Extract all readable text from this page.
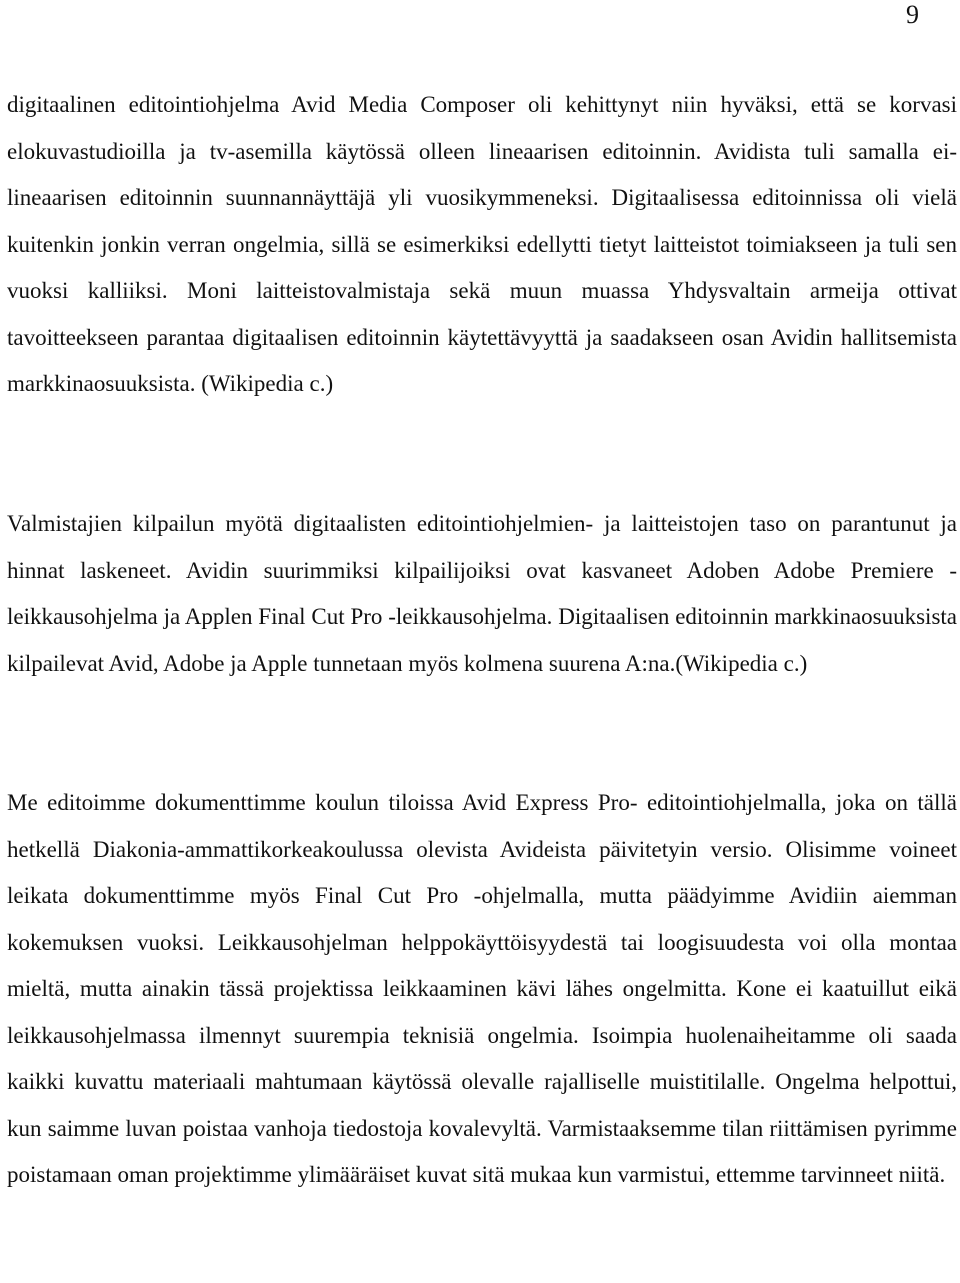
9

digitaalinen editointiohjelma Avid Media Composer oli kehittynyt niin hyväksi, että se korvasi elokuvastudioilla ja tv-asemilla käytössä olleen lineaarisen editoinnin. Avidista tuli samalla ei-lineaarisen editoinnin suunnannäyttäjä yli vuosikymmeneksi. Digitaalisessa editoinnissa oli vielä kuitenkin jonkin verran ongelmia, sillä se esimerkiksi edellytti tietyt laitteistot toimiakseen ja tuli sen vuoksi kalliiksi. Moni laitteistovalmistaja sekä muun muassa Yhdysvaltain armeija ottivat tavoitteekseen parantaa digitaalisen editoinnin käytettävyyttä ja saadakseen osan Avidin hallitsemista markkinaosuuksista. (Wikipedia c.)

Valmistajien kilpailun myötä digitaalisten editointiohjelmien- ja laitteistojen taso on parantunut ja hinnat laskeneet. Avidin suurimmiksi kilpailijoiksi ovat kasvaneet Adoben Adobe Premiere -leikkausohjelma ja Applen Final Cut Pro -leikkausohjelma. Digitaalisen editoinnin markkinaosuuksista kilpailevat Avid, Adobe ja Apple tunnetaan myös kolmena suurena A:na.(Wikipedia c.)

Me editoimme dokumenttimme koulun tiloissa Avid Express Pro- editointiohjelmalla, joka on tällä hetkellä Diakonia-ammattikorkeakoulussa olevista Avideista päivitetyin versio. Olisimme voineet leikata dokumenttimme myös Final Cut Pro -ohjelmalla, mutta päädyimme Avidiin aiemman kokemuksen vuoksi. Leikkausohjelman helppokäyttöisyydestä tai loogisuudesta voi olla montaa mieltä, mutta ainakin tässä projektissa leikkaaminen kävi lähes ongelmitta. Kone ei kaatuillut eikä leikkausohjelmassa ilmennyt suurempia teknisiä ongelmia. Isoimpia huolenaiheitamme oli saada kaikki kuvattu materiaali mahtumaan käytössä olevalle rajalliselle muistitilalle. Ongelma helpottui, kun saimme luvan poistaa vanhoja tiedostoja kovalevyltä. Varmistaaksemme tilan riittämisen pyrimme poistamaan oman projektimme ylimääräiset kuvat sitä mukaa kun varmistui, ettemme tarvinneet niitä.
